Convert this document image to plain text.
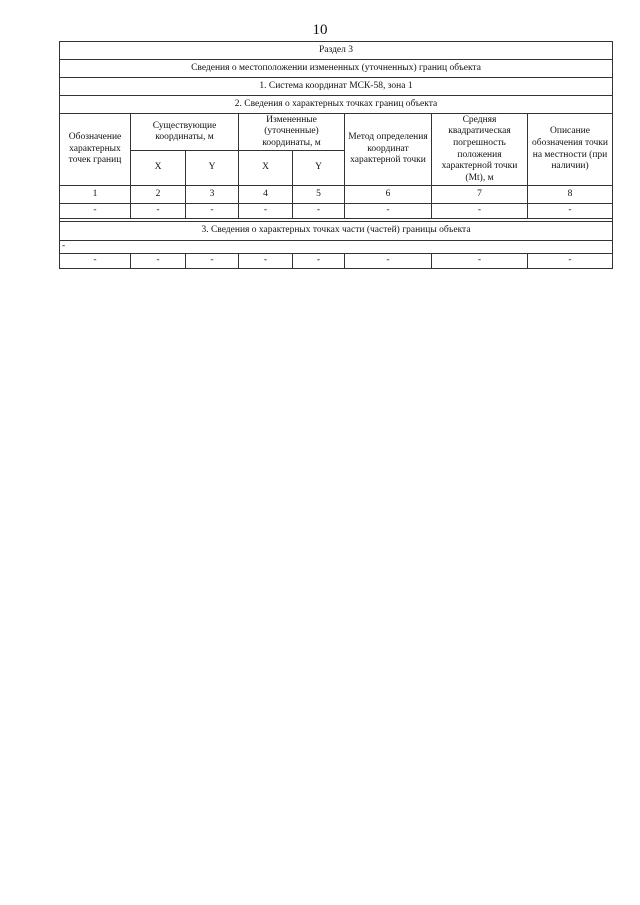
10
Раздел 3							
Сведения о местоположении измененных (уточненных) границ объекта							
1. Система координат МСК-58, зона 1							
2. Сведения о характерных точках границ объекта							
Обозначение характерных точек границ	Существующие координаты, м		Измененные (уточненные) координаты, м		Метод определения координат характерной точки	Средняя квадратическая погрешность положения характерной точки (Mt), м	Описание обозначения точки на местности (при наличии)
	X	Y	X	Y			
1	2	3	4	5	6	7	8
-	-	-	-	-	-	-	-

3. Сведения о характерных точках части (частей) границы объекта							
-							
-	-	-	-	-	-	-	-
